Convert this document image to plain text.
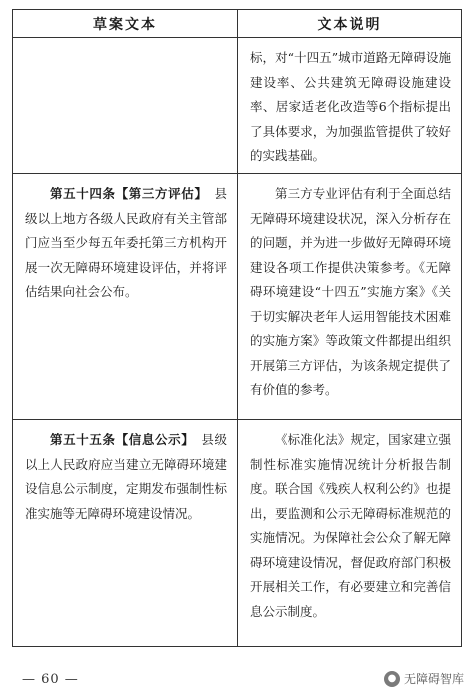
草案文本	文本说明
标，对“十四五”城市道路无障碍设施建设率、公共建筑无障碍设施建设率、居家适老化改造等6个指标提出了具体要求，为加强监管提供了较好的实践基础。
第五十四条【第三方评估】　 县级以上地方各级人民政府有关主管部门应当至少每五年委托第三方机构开展一次无障碍环境建设评估，并将评估结果向社会公布。
第三方专业评估有利于全面总结无障碍环境建设状况，深入分析存在的问题，并为进一步做好无障碍环境建设各项工作提供决策参考。《无障碍环境建设“十四五”实施方案》《关于切实解决老年人运用智能技术困难的实施方案》等政策文件都提出组织开展第三方评估，为该条规定提供了有价值的参考。
第五十五条【信息公示】　 县级以上人民政府应当建立无障碍环境建设信息公示制度，定期发布强制性标准实施等无障碍环境建设情况。
《标准化法》规定，国家建立强制性标准实施情况统计分析报告制度。联合国《残疾人权利公约》也提出，要监测和公示无障碍标准规范的实施情况。为保障社会公众了解无障碍环境建设情况，督促政府部门积极开展相关工作，有必要建立和完善信息公示制度。
— 60 —	● 无障碍智库
